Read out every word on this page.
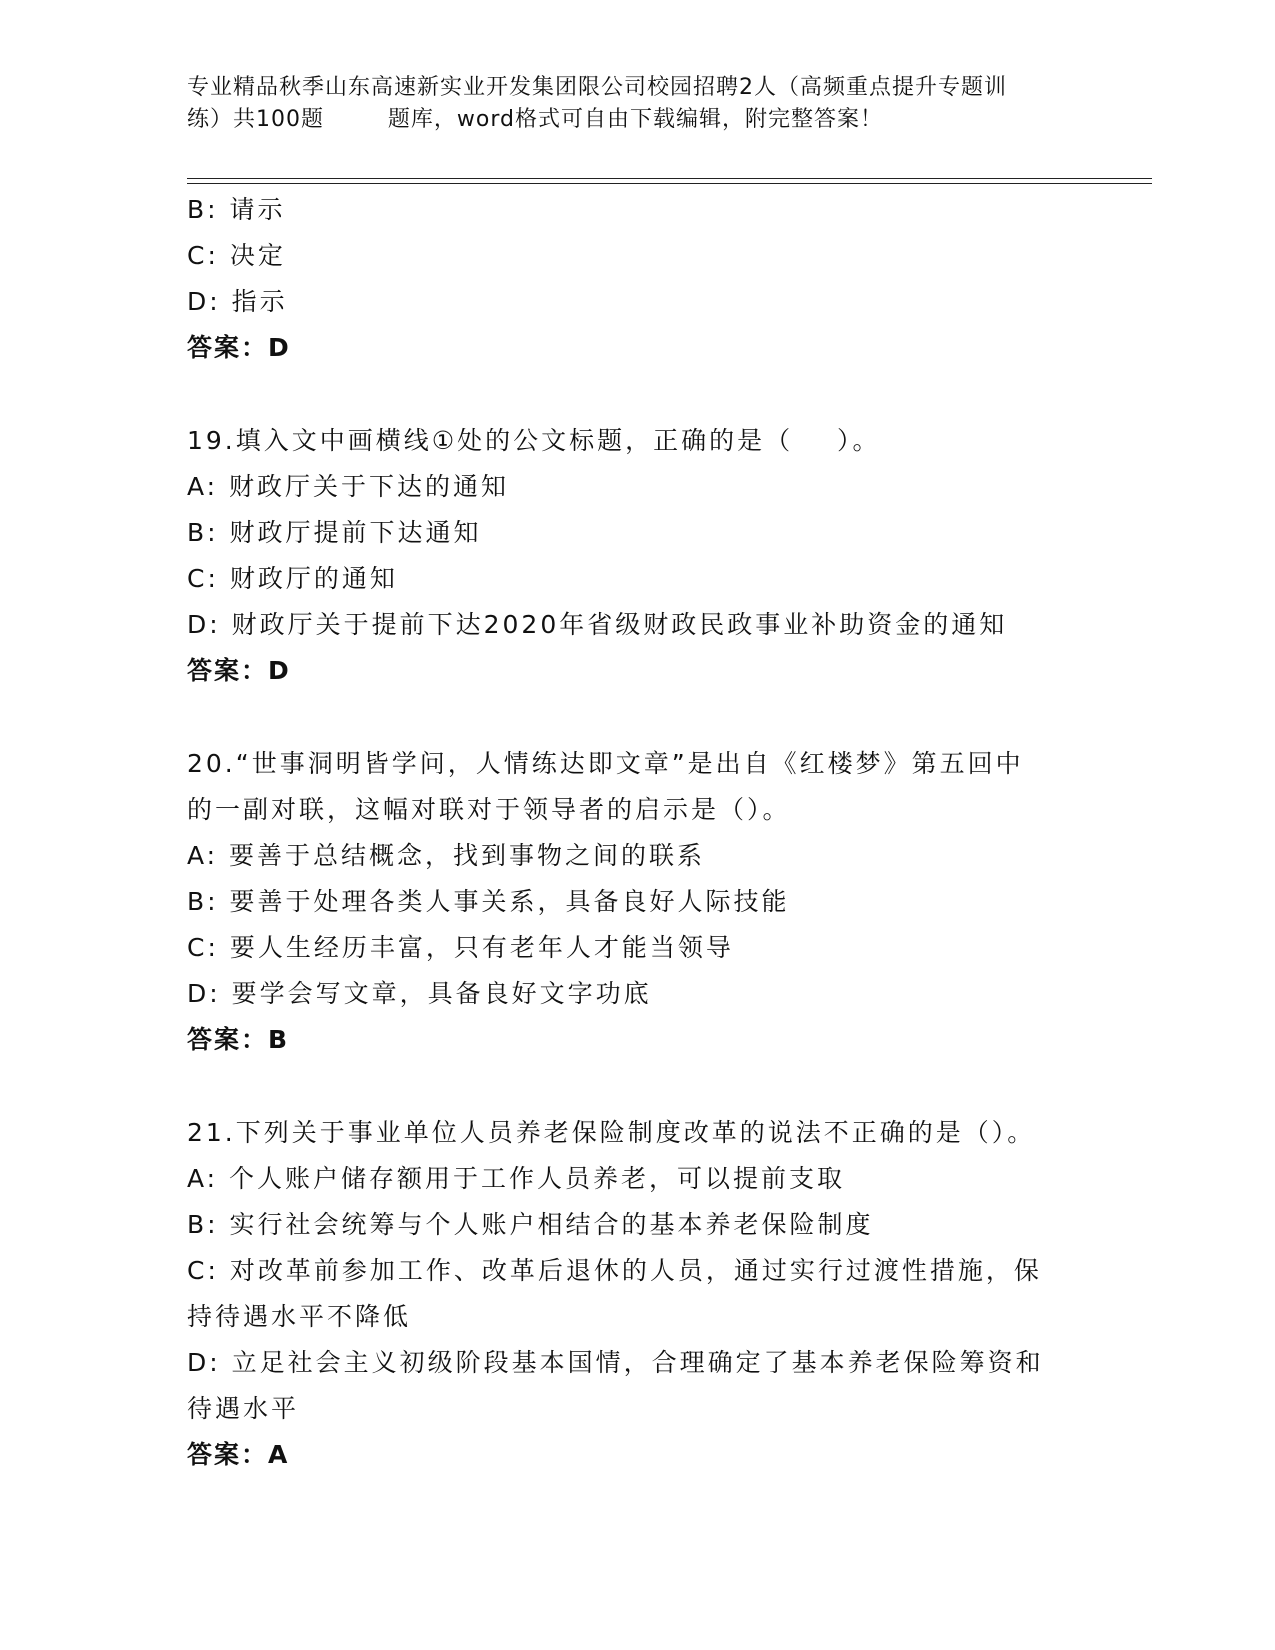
专业精品秋季山东高速新实业开发集团限公司校园招聘2人（高频重点提升专题训
练）共100题        题库，word格式可自由下载编辑，附完整答案！
B: 请示
C: 决定
D: 指示
答案：D
19.填入文中画横线①处的公文标题，正确的是（    ）。
A: 财政厅关于下达的通知
B: 财政厅提前下达通知
C: 财政厅的通知
D: 财政厅关于提前下达2020年省级财政民政事业补助资金的通知
答案：D
20.“世事洞明皆学问，人情练达即文章”是出自《红楼梦》第五回中的一副对联，这幅对联对于领导者的启示是（）。
A: 要善于总结概念，找到事物之间的联系
B: 要善于处理各类人事关系，具备良好人际技能
C: 要人生经历丰富，只有老年人才能当领导
D: 要学会写文章，具备良好文字功底
答案：B
21.下列关于事业单位人员养老保险制度改革的说法不正确的是（）。
A: 个人账户储存额用于工作人员养老，可以提前支取
B: 实行社会统筹与个人账户相结合的基本养老保险制度
C: 对改革前参加工作、改革后退休的人员，通过实行过渡性措施，保持待遇水平不降低
D: 立足社会主义初级阶段基本国情，合理确定了基本养老保险筹资和待遇水平
答案：A
